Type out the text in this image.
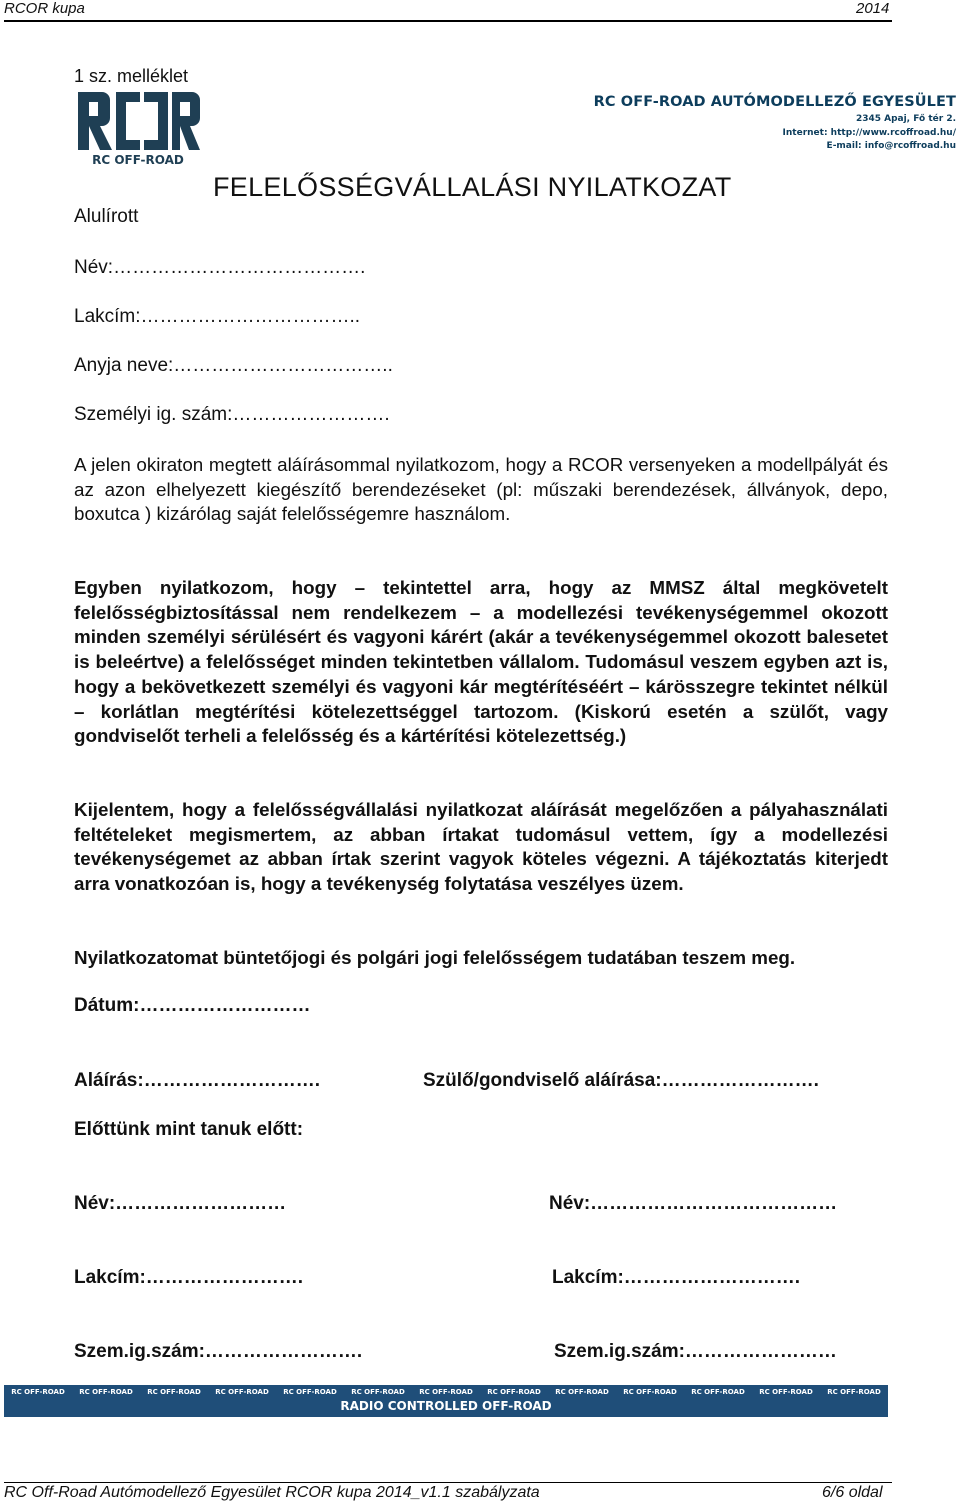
RCOR kupa	2014
1 sz. melléklet
RC OFF-ROAD
RC OFF-ROAD AUTÓMODELLEZŐ EGYESÜLET
2345 Apaj, Fő tér 2.
Internet: http://www.rcoffroad.hu/
E-mail: info@rcoffroad.hu
FELELŐSSÉGVÁLLALÁSI NYILATKOZAT
Alulírott
Név:………………………………….
Lakcím:……………………………..
Anyja neve:……………………………..
Személyi ig. szám:…………………….
A jelen okiraton megtett aláírásommal nyilatkozom, hogy a RCOR versenyeken a modellpályát és az azon elhelyezett kiegészítő berendezéseket (pl: műszaki berendezések, állványok, depo, boxutca ) kizárólag saját felelősségemre használom.
Egyben nyilatkozom, hogy – tekintettel arra, hogy az MMSZ által megkövetelt felelősségbiztosítással nem rendelkezem – a modellezési tevékenységemmel okozott minden személyi sérülésért és vagyoni kárért (akár a tevékenységemmel okozott balesetet is beleértve) a felelősséget minden tekintetben vállalom. Tudomásul veszem egyben azt is, hogy a bekövetkezett személyi és vagyoni kár megtérítéséért – kárösszegre tekintet nélkül – korlátlan megtérítési kötelezettséggel tartozom. (Kiskorú esetén a szülőt, vagy gondviselőt terheli a felelősség és a kártérítési kötelezettség.)
Kijelentem, hogy a felelősségvállalási nyilatkozat aláírását megelőzően a pályahasználati feltételeket megismertem, az abban írtakat tudomásul vettem, így a modellezési tevékenységemet az abban írtak szerint vagyok köteles végezni. A tájékoztatás kiterjedt arra vonatkozóan is, hogy a tevékenység folytatása veszélyes üzem.
Nyilatkozatomat büntetőjogi és polgári jogi felelősségem tudatában teszem meg.
Dátum:………………………
Aláírás:……………………….	Szülő/gondviselő aláírása:…………………….
Előttünk mint tanuk előtt:
Név:………………………	Név:…………………………………
Lakcím:…………………….	Lakcím:……………………….
Szem.ig.szám:…………………….	Szem.ig.szám:……………………
RC OFF-ROAD	RC OFF-ROAD	RC OFF-ROAD	RC OFF-ROAD	RC OFF-ROAD	RC OFF-ROAD	RC OFF-ROAD	RC OFF-ROAD	RC OFF-ROAD	RC OFF-ROAD	RC OFF-ROAD	RC OFF-ROAD	RC OFF-ROAD
RADIO CONTROLLED OFF-ROAD
RC Off-Road Autómodellező Egyesület RCOR kupa 2014_v1.1 szabályzata	6/6 oldal
